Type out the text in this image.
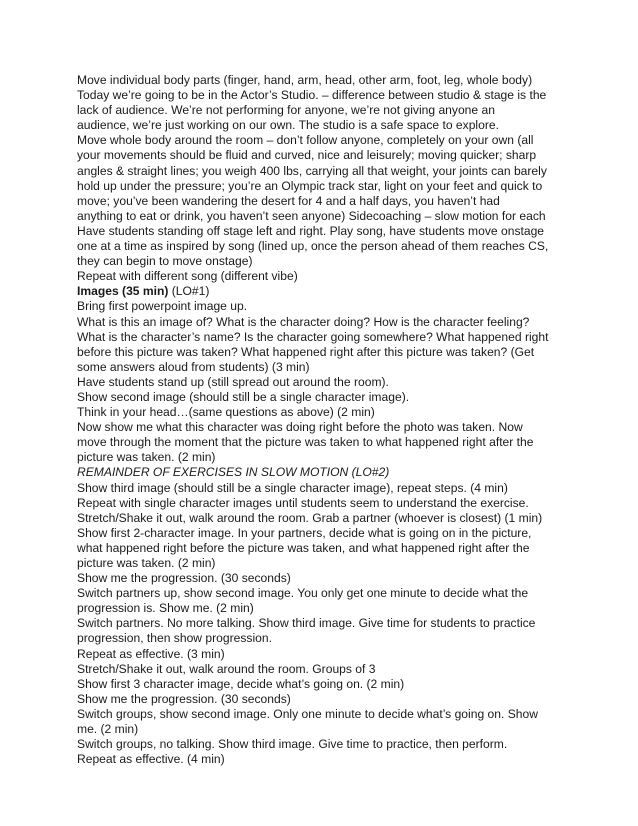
Move individual body parts (finger, hand, arm, head, other arm, foot, leg, whole body)
Today we’re going to be in the Actor’s Studio. – difference between studio & stage is the
lack of audience. We’re not performing for anyone, we’re not giving anyone an
audience, we’re just working on our own. The studio is a safe space to explore.
Move whole body around the room – don’t follow anyone, completely on your own (all
your movements should be fluid and curved, nice and leisurely; moving quicker; sharp
angles & straight lines; you weigh 400 lbs, carrying all that weight, your joints can barely
hold up under the pressure; you’re an Olympic track star, light on your feet and quick to
move; you’ve been wandering the desert for 4 and a half days, you haven’t had
anything to eat or drink, you haven’t seen anyone) Sidecoaching – slow motion for each
Have students standing off stage left and right. Play song, have students move onstage
one at a time as inspired by song (lined up, once the person ahead of them reaches CS,
they can begin to move onstage)
Repeat with different song (different vibe)
Images (35 min) (LO#1)
Bring first powerpoint image up.
What is this an image of? What is the character doing? How is the character feeling?
What is the character’s name? Is the character going somewhere? What happened right
before this picture was taken? What happened right after this picture was taken? (Get
some answers aloud from students) (3 min)
Have students stand up (still spread out around the room).
Show second image (should still be a single character image).
Think in your head…(same questions as above) (2 min)
Now show me what this character was doing right before the photo was taken. Now
move through the moment that the picture was taken to what happened right after the
picture was taken. (2 min)
REMAINDER OF EXERCISES IN SLOW MOTION (LO#2)
Show third image (should still be a single character image), repeat steps. (4 min)
Repeat with single character images until students seem to understand the exercise.
Stretch/Shake it out, walk around the room. Grab a partner (whoever is closest) (1 min)
Show first 2-character image. In your partners, decide what is going on in the picture,
what happened right before the picture was taken, and what happened right after the
picture was taken. (2 min)
Show me the progression. (30 seconds)
Switch partners up, show second image. You only get one minute to decide what the
progression is. Show me. (2 min)
Switch partners. No more talking. Show third image. Give time for students to practice
progression, then show progression.
Repeat as effective. (3 min)
Stretch/Shake it out, walk around the room. Groups of 3
Show first 3 character image, decide what’s going on. (2 min)
Show me the progression. (30 seconds)
Switch groups, show second image. Only one minute to decide what’s going on. Show
me. (2 min)
Switch groups, no talking. Show third image. Give time to practice, then perform.
Repeat as effective. (4 min)
